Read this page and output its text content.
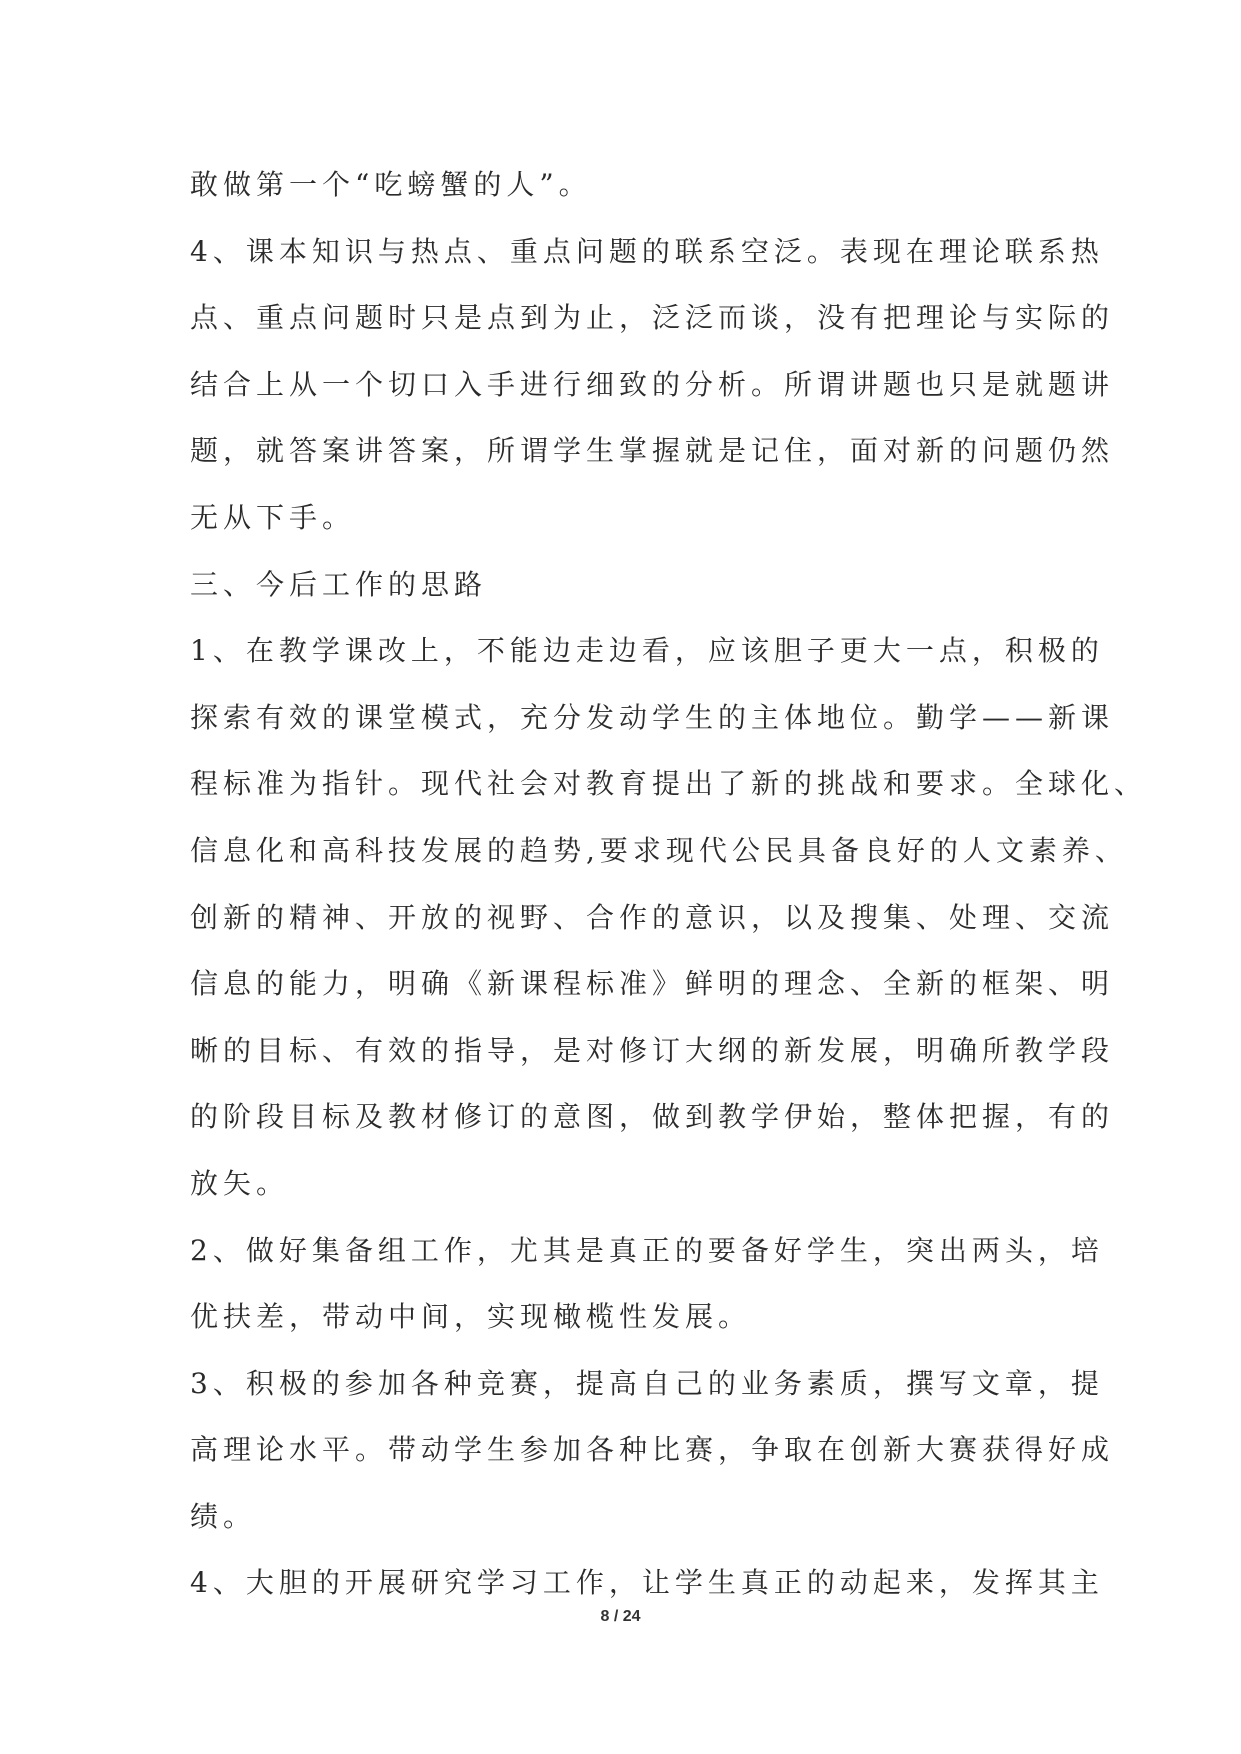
敢做第一个“吃螃蟹的人”。
4、课本知识与热点、重点问题的联系空泛。表现在理论联系热
点、重点问题时只是点到为止，泛泛而谈，没有把理论与实际的
结合上从一个切口入手进行细致的分析。所谓讲题也只是就题讲
题，就答案讲答案，所谓学生掌握就是记住，面对新的问题仍然
无从下手。
三、今后工作的思路
1、在教学课改上，不能边走边看，应该胆子更大一点，积极的
探索有效的课堂模式，充分发动学生的主体地位。勤学——新课
程标准为指针。现代社会对教育提出了新的挑战和要求。全球化、
信息化和高科技发展的趋势,要求现代公民具备良好的人文素养、
创新的精神、开放的视野、合作的意识，以及搜集、处理、交流
信息的能力，明确《新课程标准》鲜明的理念、全新的框架、明
晰的目标、有效的指导，是对修订大纲的新发展，明确所教学段
的阶段目标及教材修订的意图，做到教学伊始，整体把握，有的
放矢。
2、做好集备组工作，尤其是真正的要备好学生，突出两头，培
优扶差，带动中间，实现橄榄性发展。
3、积极的参加各种竞赛，提高自己的业务素质，撰写文章，提
高理论水平。带动学生参加各种比赛，争取在创新大赛获得好成
绩。
4、大胆的开展研究学习工作，让学生真正的动起来，发挥其主
8 / 24
